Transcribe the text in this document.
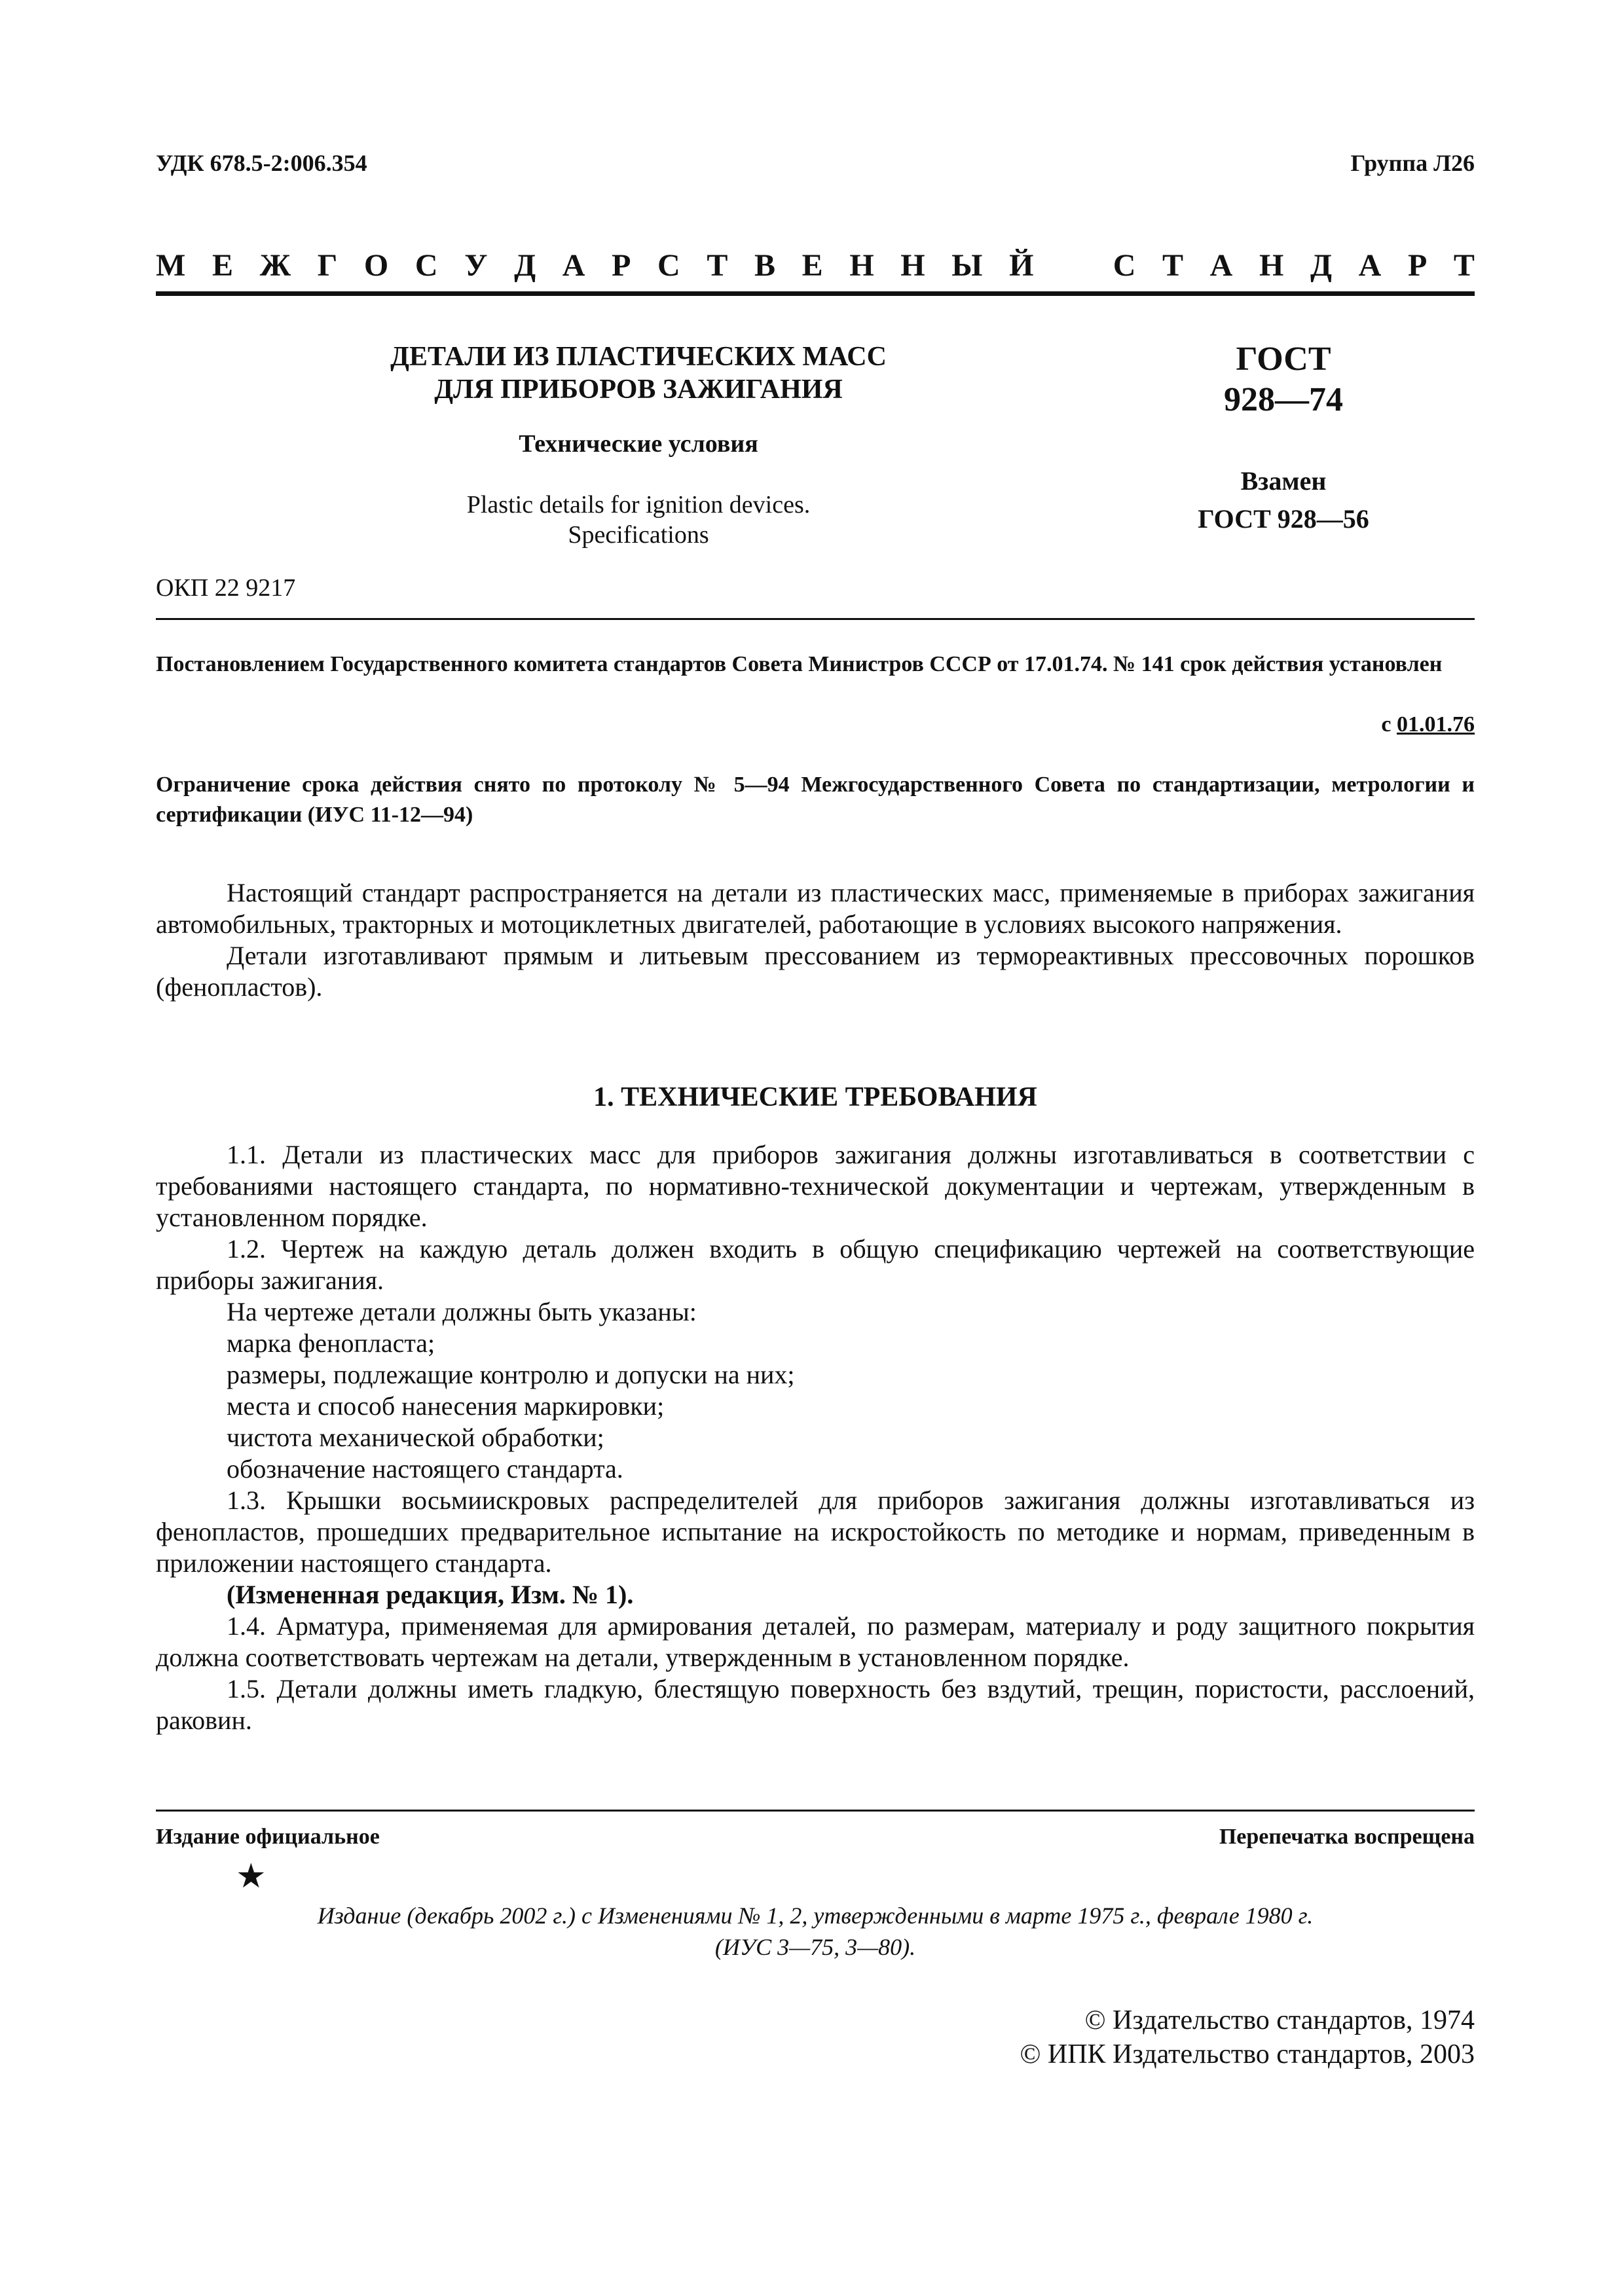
УДК 678.5-2:006.354	Группа Л26
М Е Ж Г О С У Д А Р С Т В Е Н Н Ы Й	С Т А Н Д А Р Т
ДЕТАЛИ ИЗ ПЛАСТИЧЕСКИХ МАСС
ДЛЯ ПРИБОРОВ ЗАЖИГАНИЯ
Технические условия
Plastic details for ignition devices.
Specifications
ГОСТ
928—74
Взамен
ГОСТ 928—56
ОКП 22 9217
Постановлением Государственного комитета стандартов Совета Министров СССР от 17.01.74. № 141 срок действия установлен
с 01.01.76
Ограничение срока действия снято по протоколу № 5—94 Межгосударственного Совета по стандартизации, метрологии и сертификации (ИУС 11-12—94)

Настоящий стандарт распространяется на детали из пластических масс, применяемые в приборах зажигания автомобильных, тракторных и мотоциклетных двигателей, работающие в условиях высокого напряжения.

Детали изготавливают прямым и литьевым прессованием из термореактивных прессовочных порошков (фенопластов).

1. ТЕХНИЧЕСКИЕ ТРЕБОВАНИЯ

1.1. Детали из пластических масс для приборов зажигания должны изготавливаться в соответствии с требованиями настоящего стандарта, по нормативно-технической документации и чертежам, утвержденным в установленном порядке.

1.2. Чертеж на каждую деталь должен входить в общую спецификацию чертежей на соответствующие приборы зажигания.

На чертеже детали должны быть указаны:

марка фенопласта;

размеры, подлежащие контролю и допуски на них;

места и способ нанесения маркировки;

чистота механической обработки;

обозначение настоящего стандарта.

1.3. Крышки восьмиискровых распределителей для приборов зажигания должны изготавливаться из фенопластов, прошедших предварительное испытание на искростойкость по методике и нормам, приведенным в приложении настоящего стандарта.

(Измененная редакция, Изм. № 1).

1.4. Арматура, применяемая для армирования деталей, по размерам, материалу и роду защитного покрытия должна соответствовать чертежам на детали, утвержденным в установленном порядке.

1.5. Детали должны иметь гладкую, блестящую поверхность без вздутий, трещин, пористости, расслоений, раковин.

Издание официальное	Перепечатка воспрещена
★
Издание (декабрь 2002 г.) с Изменениями № 1, 2, утвержденными в марте 1975 г., феврале 1980 г.
(ИУС 3—75, 3—80).
© Издательство стандартов, 1974
© ИПК Издательство стандартов, 2003
